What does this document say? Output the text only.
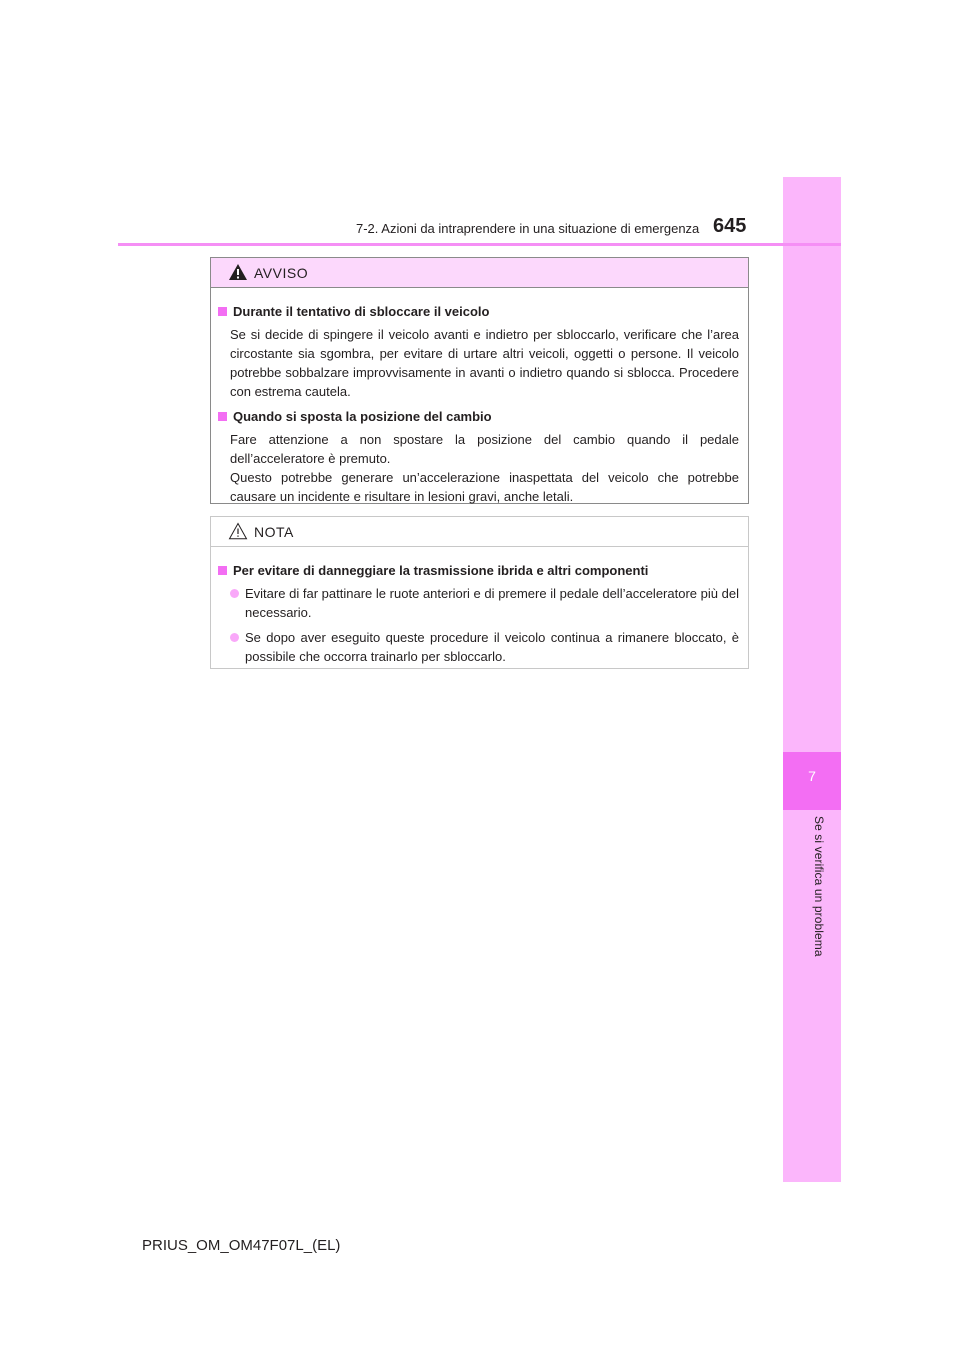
7
Se si verifica un problema
7-2. Azioni da intraprendere in una situazione di emergenza 645
AVVISO
Durante il tentativo di sbloccare il veicolo
Se si decide di spingere il veicolo avanti e indietro per sbloccarlo, verificare che l’area circostante sia sgombra, per evitare di urtare altri veicoli, oggetti o persone. Il veicolo potrebbe sobbalzare improvvisamente in avanti o indietro quando si sblocca. Procedere con estrema cautela.
Quando si sposta la posizione del cambio
Fare attenzione a non spostare la posizione del cambio quando il pedale dell’acceleratore è premuto.
Questo potrebbe generare un’accelerazione inaspettata del veicolo che potrebbe causare un incidente e risultare in lesioni gravi, anche letali.
NOTA
Per evitare di danneggiare la trasmissione ibrida e altri componenti
Evitare di far pattinare le ruote anteriori e di premere il pedale dell’acceleratore più del necessario.
Se dopo aver eseguito queste procedure il veicolo continua a rimanere bloccato, è possibile che occorra trainarlo per sbloccarlo.
PRIUS_OM_OM47F07L_(EL)
